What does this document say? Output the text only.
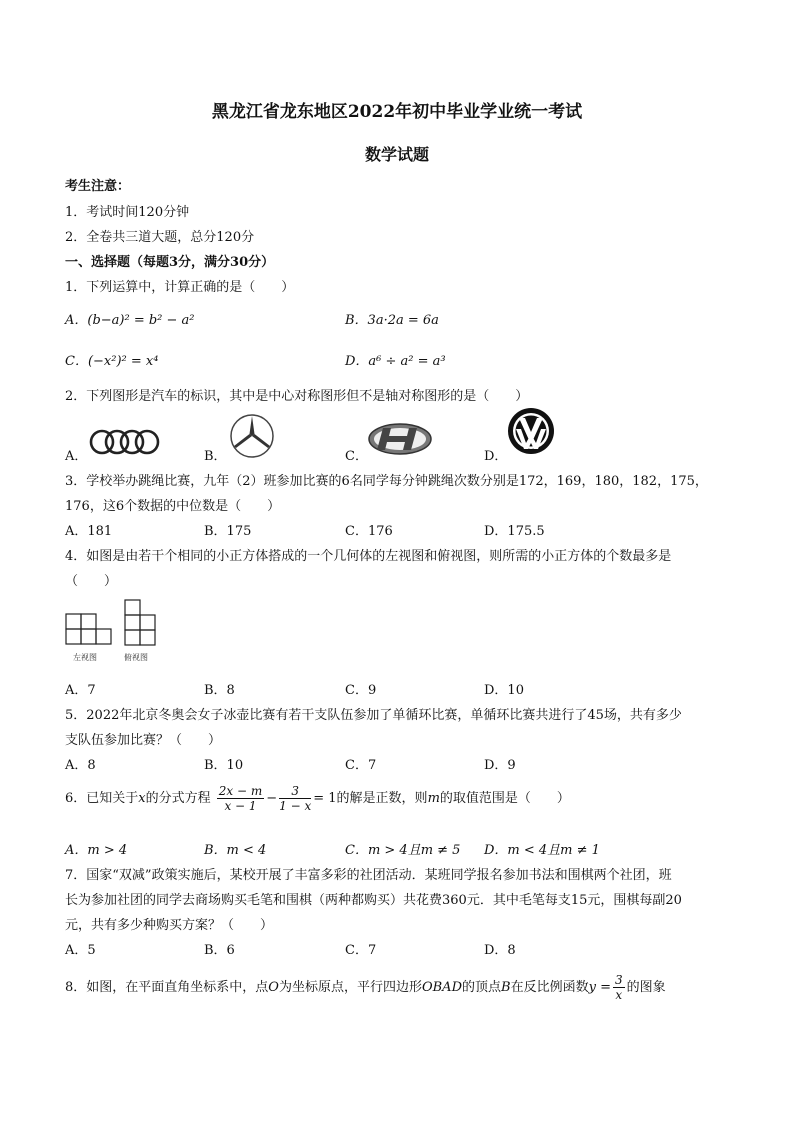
黑龙江省龙东地区2022年初中毕业学业统一考试
数学试题
考生注意：
1．考试时间120分钟
2．全卷共三道大题，总分120分
一、选择题（每题3分，满分30分）
1．下列运算中，计算正确的是（　　）
A．(b−a)² = b² − a²	B．3a·2a = 6a
C．(−x²)² = x⁴	D．a⁶ ÷ a² = a³
2．下列图形是汽车的标识，其中是中心对称图形但不是轴对称图形的是（　　）
A．	B．	C．	D．
3．学校举办跳绳比赛，九年（2）班参加比赛的6名同学每分钟跳绳次数分别是172，169，180，182，175，
176，这6个数据的中位数是（　　）
A．181	B．175	C．176	D．175.5
4．如图是由若干个相同的小正方体搭成的一个几何体的左视图和俯视图，则所需的小正方体的个数最多是
（　　）
左视图	俯视图
A．7	B．8	C．9	D．10
5．2022年北京冬奥会女子冰壶比赛有若干支队伍参加了单循环比赛，单循环比赛共进行了45场，共有多少
支队伍参加比赛？（　　）
A．8	B．10	C．7	D．9
6．已知关于x的分式方程 $\frac{2x - m}{x - 1} - \frac{3}{1 - x} = 1$的解是正数，则m的取值范围是（　　）
A．m > 4	B．m < 4	C．m > 4且m ≠ 5 D．m < 4且m ≠ 1
7．国家“双减”政策实施后，某校开展了丰富多彩的社团活动．某班同学报名参加书法和围棋两个社团，班
长为参加社团的同学去商场购买毛笔和围棋（两种都购买）共花费360元．其中毛笔每支15元，围棋每副20
元，共有多少种购买方案？（　　）
A．5	B．6	C．7	D．8
8．如图，在平面直角坐标系中，点O为坐标原点，平行四边形OBAD的顶点B在反比例函数$y = \frac{3}{x}$ 的图象
